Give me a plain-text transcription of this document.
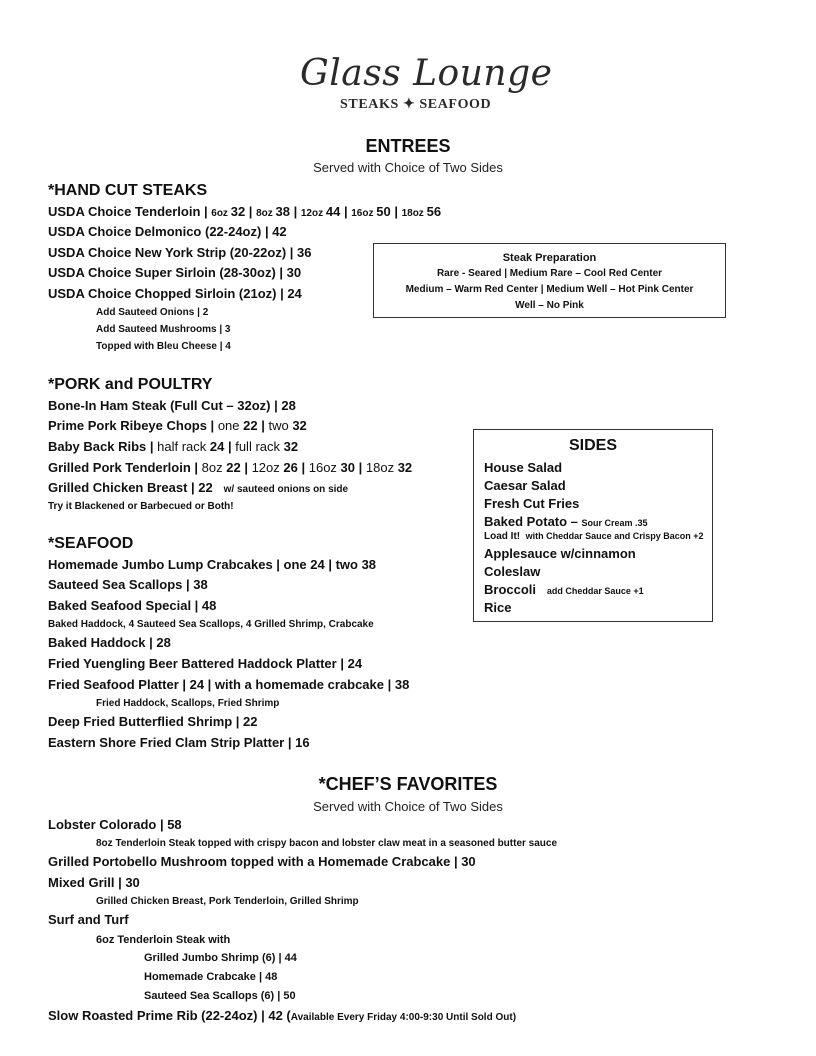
Glass Lounge
STEAKS ✦ SEAFOOD
ENTREES
Served with Choice of Two Sides
*HAND CUT STEAKS
USDA Choice Tenderloin | 6oz 32 | 8oz 38 | 12oz 44 | 16oz 50 | 18oz 56
USDA Choice Delmonico (22-24oz) | 42
USDA Choice New York Strip (20-22oz) | 36
USDA Choice Super Sirloin (28-30oz) | 30
USDA Choice Chopped Sirloin (21oz) | 24
Add Sauteed Onions | 2
Add Sauteed Mushrooms | 3
Topped with Bleu Cheese | 4
Steak Preparation
Rare - Seared | Medium Rare – Cool Red Center
Medium – Warm Red Center | Medium Well – Hot Pink Center
Well – No Pink
*PORK and POULTRY
Bone-In Ham Steak (Full Cut – 32oz) | 28
Prime Pork Ribeye Chops | one 22 | two 32
Baby Back Ribs | half rack 24 | full rack 32
Grilled Pork Tenderloin | 8oz 22 | 12oz 26 | 16oz 30 | 18oz 32
Grilled Chicken Breast | 22 w/ sauteed onions on side
Try it Blackened or Barbecued or Both!
SIDES
House Salad
Caesar Salad
Fresh Cut Fries
Baked Potato – Sour Cream .35
Load It! with Cheddar Sauce and Crispy Bacon +2
Applesauce w/cinnamon
Coleslaw
Broccoli add Cheddar Sauce +1
Rice
*SEAFOOD
Homemade Jumbo Lump Crabcakes | one 24 | two 38
Sauteed Sea Scallops | 38
Baked Seafood Special | 48
Baked Haddock, 4 Sauteed Sea Scallops, 4 Grilled Shrimp, Crabcake
Baked Haddock | 28
Fried Yuengling Beer Battered Haddock Platter | 24
Fried Seafood Platter | 24 | with a homemade crabcake | 38
Fried Haddock, Scallops, Fried Shrimp
Deep Fried Butterflied Shrimp | 22
Eastern Shore Fried Clam Strip Platter | 16
*CHEF’S FAVORITES
Served with Choice of Two Sides
Lobster Colorado | 58
8oz Tenderloin Steak topped with crispy bacon and lobster claw meat in a seasoned butter sauce
Grilled Portobello Mushroom topped with a Homemade Crabcake | 30
Mixed Grill | 30
Grilled Chicken Breast, Pork Tenderloin, Grilled Shrimp
Surf and Turf
6oz Tenderloin Steak with
Grilled Jumbo Shrimp (6) | 44
Homemade Crabcake | 48
Sauteed Sea Scallops (6) | 50
Slow Roasted Prime Rib (22-24oz) | 42 (Available Every Friday 4:00-9:30 Until Sold Out)
